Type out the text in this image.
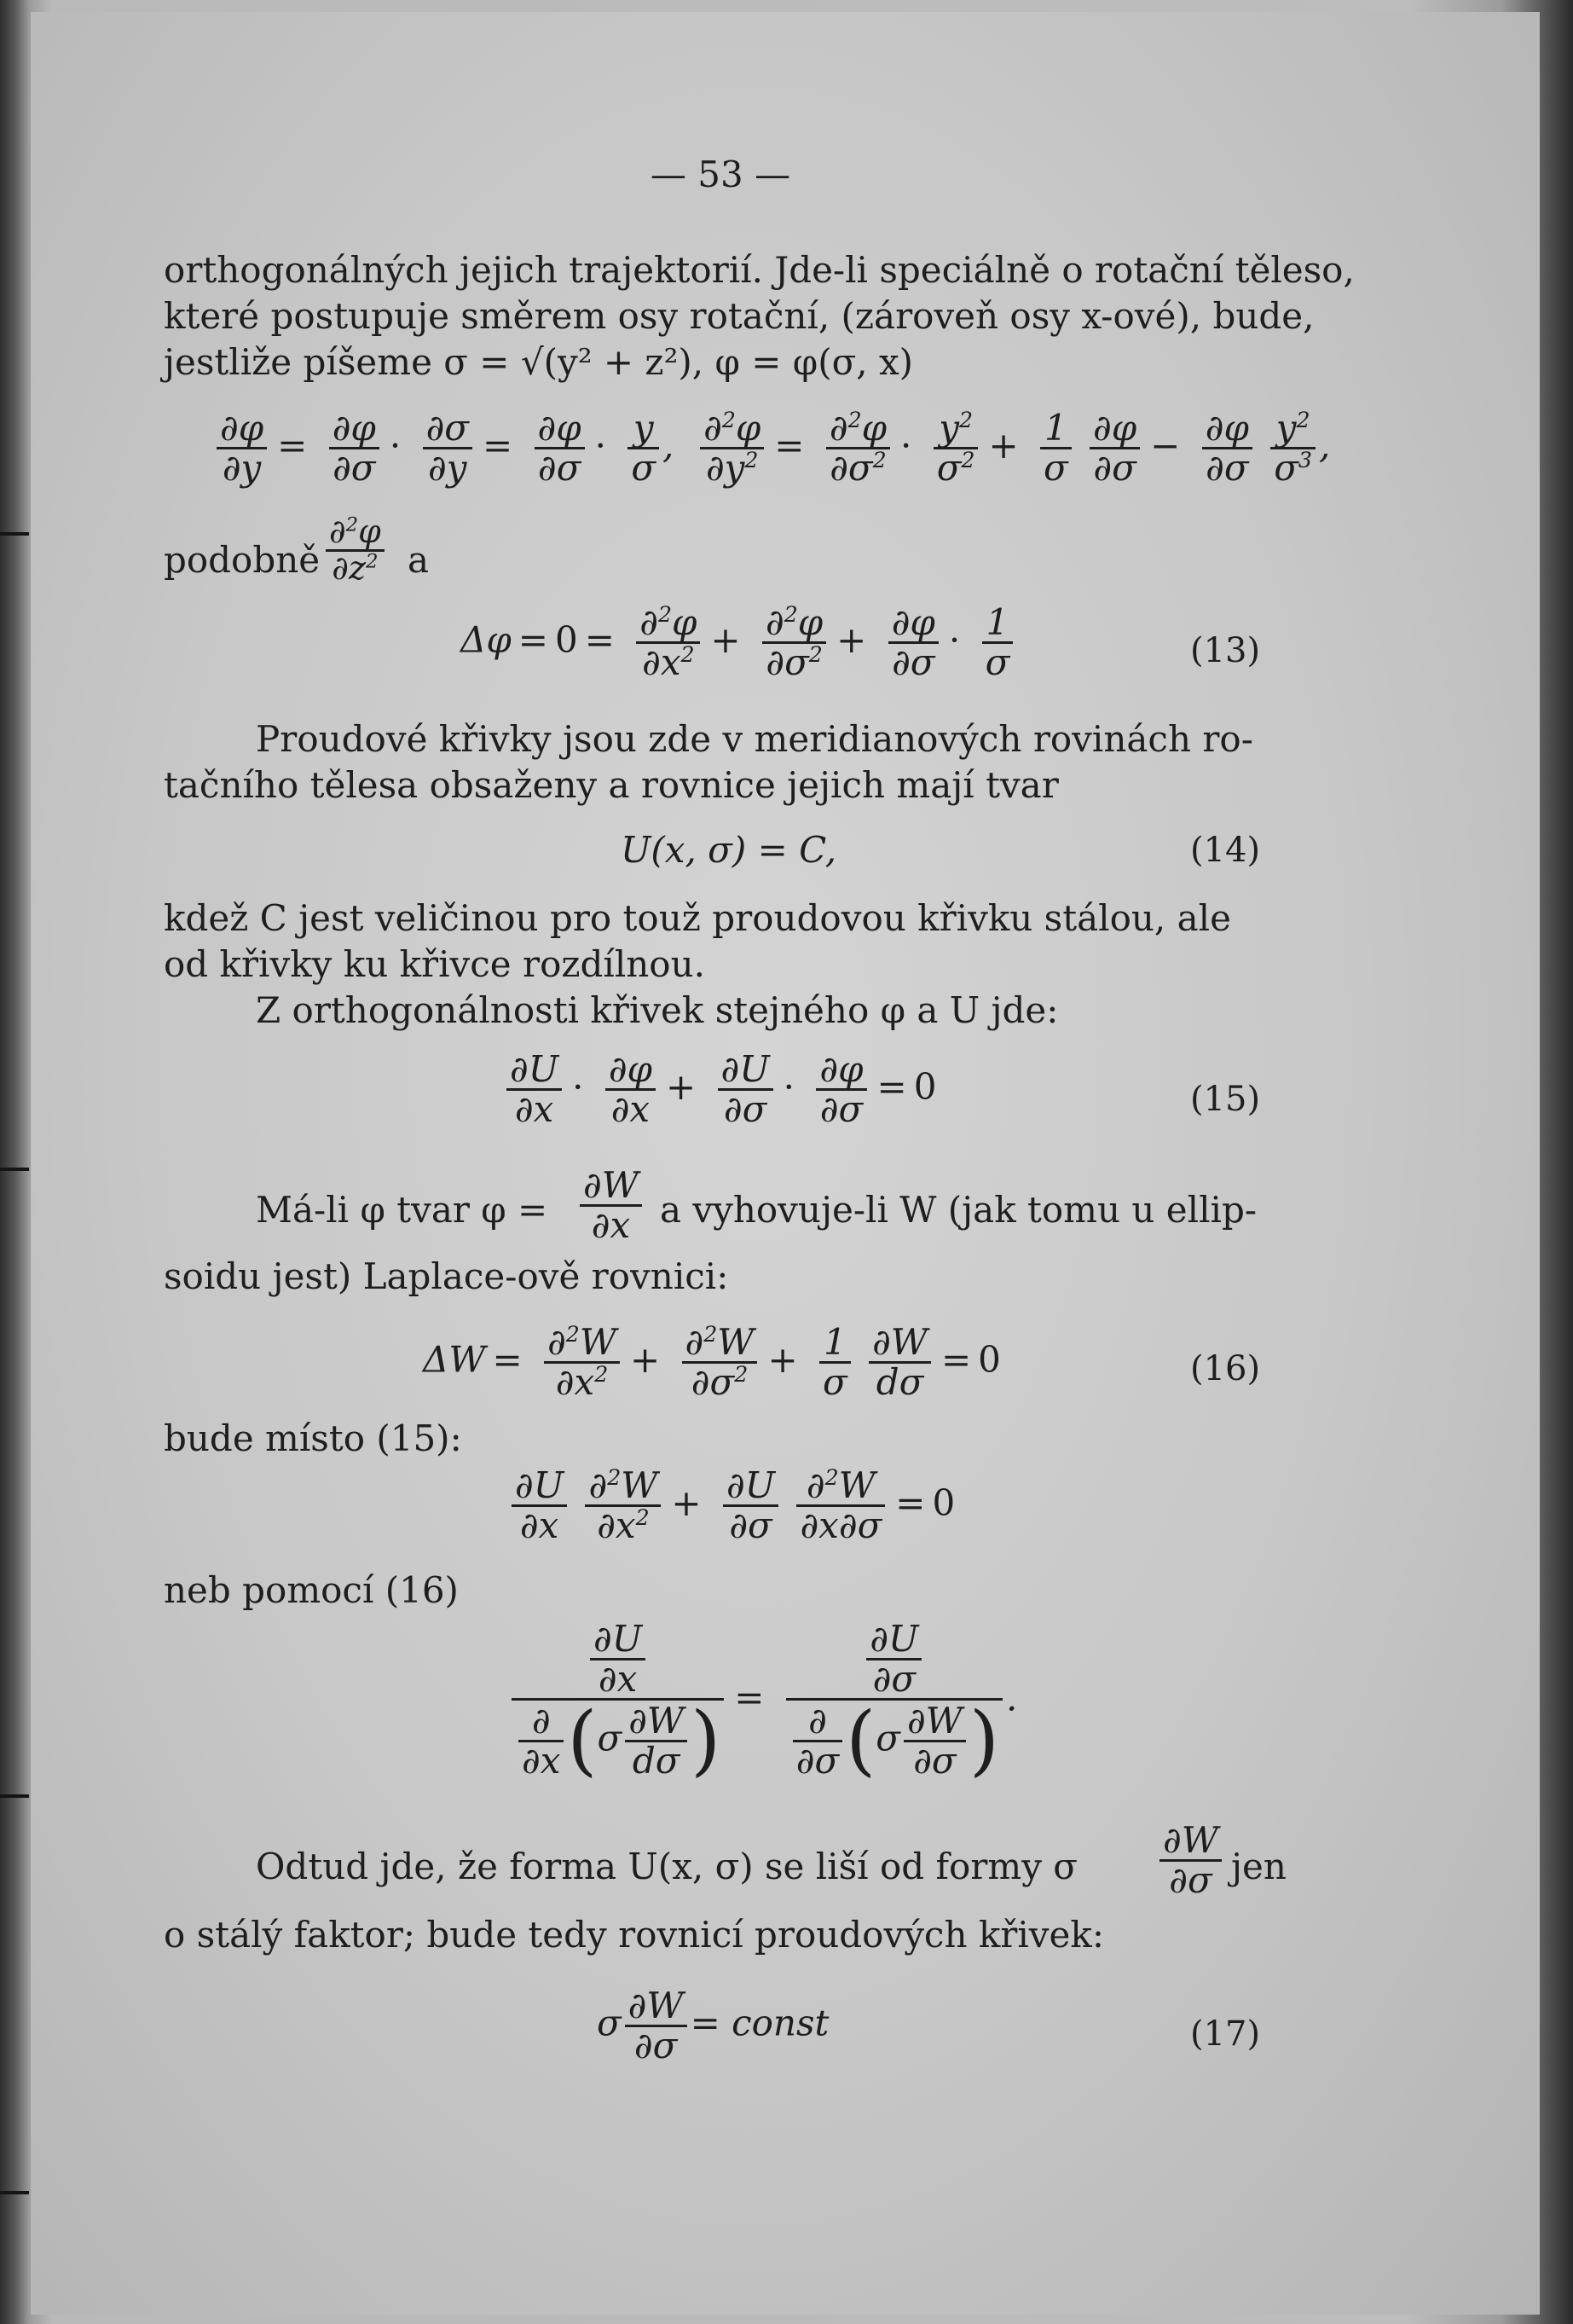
— 53 —
orthogonálných jejich trajektorií. Jde-li speciálně o rotační těleso,
které postupuje směrem osy rotační, (zároveň osy x-ové), bude,
jestliže píšeme σ = √(y² + z²), φ = φ(σ, x)
$\frac{\partial\varphi}{\partial y} = \frac{\partial\varphi}{\partial\sigma} \cdot \frac{\partial\sigma}{\partial y} = \frac{\partial\varphi}{\partial\sigma} \cdot \frac{y}{\sigma}$ , $\frac{\partial^2\varphi}{\partial y^2} = \frac{\partial^2\varphi}{\partial\sigma^2} \cdot \frac{y^2}{\sigma^2} + \frac{1}{\sigma}$
$\frac{\partial\varphi}{\partial\sigma} - \frac{\partial\varphi}{\partial\sigma}$
$\frac{y^2}{\sigma^3}$ ,
podobně $\frac{\partial^2\varphi}{\partial z^2}$ a
$\Delta\varphi = 0 = \frac{\partial^2\varphi}{\partial x^2} + \frac{\partial^2\varphi}{\partial\sigma^2} + \frac{\partial\varphi}{\partial\sigma} \cdot \frac{1}{\sigma}$	(13)
Proudové křivky jsou zde v meridianových rovinách ro-
tačního tělesa obsaženy a rovnice jejich mají tvar
U(x, σ) = C,	(14)
kdež C jest veličinou pro touž proudovou křivku stálou, ale
od křivky ku křivce rozdílnou.
Z orthogonálnosti křivek stejného φ a U jde:
$\frac{\partial U}{\partial x} \cdot \frac{\partial\varphi}{\partial x} + \frac{\partial U}{\partial\sigma} \cdot \frac{\partial\varphi}{\partial\sigma} = 0$	(15)
Má-li φ tvar $\varphi = \frac{\partial W}{\partial x}$ a vyhovuje-li W (jak tomu u ellip-
soidu jest) Laplace-ově rovnici:
$\Delta W = \frac{\partial^2W}{\partial x^2} + \frac{\partial^2W}{\partial\sigma^2} + \frac{1}{\sigma}$
$\frac{\partial W}{d\sigma} = 0$	(16)
bude místo (15):
$\frac{\partial U}{\partial x}$
$\frac{\partial^2W}{\partial x^2} + \frac{\partial U}{\partial\sigma}$
$\frac{\partial^2W}{\partial x\partial\sigma} = 0$
neb pomocí (16)
$\frac{\frac{\partial U}{\partial x}}{\frac{\partial}{\partial x} (\sigma \frac{\partial W}{d\sigma} )} = \frac{\frac{\partial U}{\partial\sigma}}{\frac{\partial}{\partial\sigma} (\sigma \frac{\partial W}{\partial\sigma} )}$ .
Odtud jde, že forma U(x, σ) se liší od formy σ $\frac{\partial W}{\partial\sigma}$ jen
o stálý faktor; bude tedy rovnicí proudových křivek:
σ $\frac{\partial W}{\partial\sigma}$ = const	(17)
